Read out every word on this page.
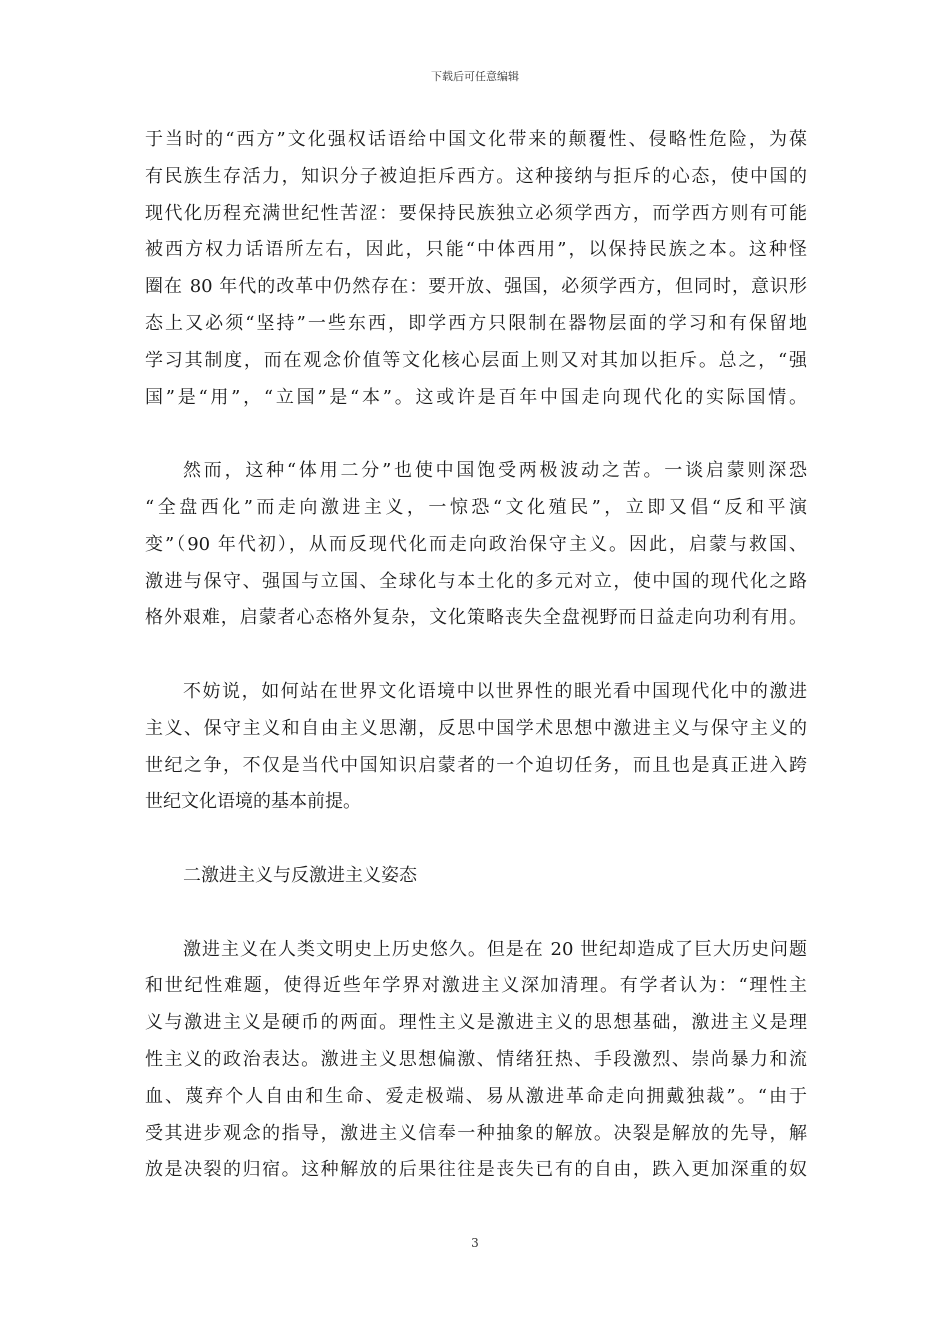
下载后可任意编辑
于当时的“西方”文化强权话语给中国文化带来的颠覆性、侵略性危险，为葆
有民族生存活力，知识分子被迫拒斥西方。这种接纳与拒斥的心态，使中国的
现代化历程充满世纪性苦涩：要保持民族独立必须学西方，而学西方则有可能
被西方权力话语所左右，因此，只能“中体西用”，以保持民族之本。这种怪
圈在 80 年代的改革中仍然存在：要开放、强国，必须学西方，但同时，意识形
态上又必须“坚持”一些东西，即学西方只限制在器物层面的学习和有保留地
学习其制度，而在观念价值等文化核心层面上则又对其加以拒斥。总之，“强
国”是“用”，“立国”是“本”。这或许是百年中国走向现代化的实际国情。
然而，这种“体用二分”也使中国饱受两极波动之苦。一谈启蒙则深恐
“全盘西化”而走向激进主义，一惊恐“文化殖民”，立即又倡“反和平演
变”（90 年代初），从而反现代化而走向政治保守主义。因此，启蒙与救国、
激进与保守、强国与立国、全球化与本土化的多元对立，使中国的现代化之路
格外艰难，启蒙者心态格外复杂，文化策略丧失全盘视野而日益走向功利有用。
不妨说，如何站在世界文化语境中以世界性的眼光看中国现代化中的激进
主义、保守主义和自由主义思潮，反思中国学术思想中激进主义与保守主义的
世纪之争，不仅是当代中国知识启蒙者的一个迫切任务，而且也是真正进入跨
世纪文化语境的基本前提。
二激进主义与反激进主义姿态
激进主义在人类文明史上历史悠久。但是在 20 世纪却造成了巨大历史问题
和世纪性难题，使得近些年学界对激进主义深加清理。有学者认为：“理性主
义与激进主义是硬币的两面。理性主义是激进主义的思想基础，激进主义是理
性主义的政治表达。激进主义思想偏激、情绪狂热、手段激烈、崇尚暴力和流
血、蔑弃个人自由和生命、爱走极端、易从激进革命走向拥戴独裁”。“由于
受其进步观念的指导，激进主义信奉一种抽象的解放。决裂是解放的先导，解
放是决裂的归宿。这种解放的后果往往是丧失已有的自由，跌入更加深重的奴
3
